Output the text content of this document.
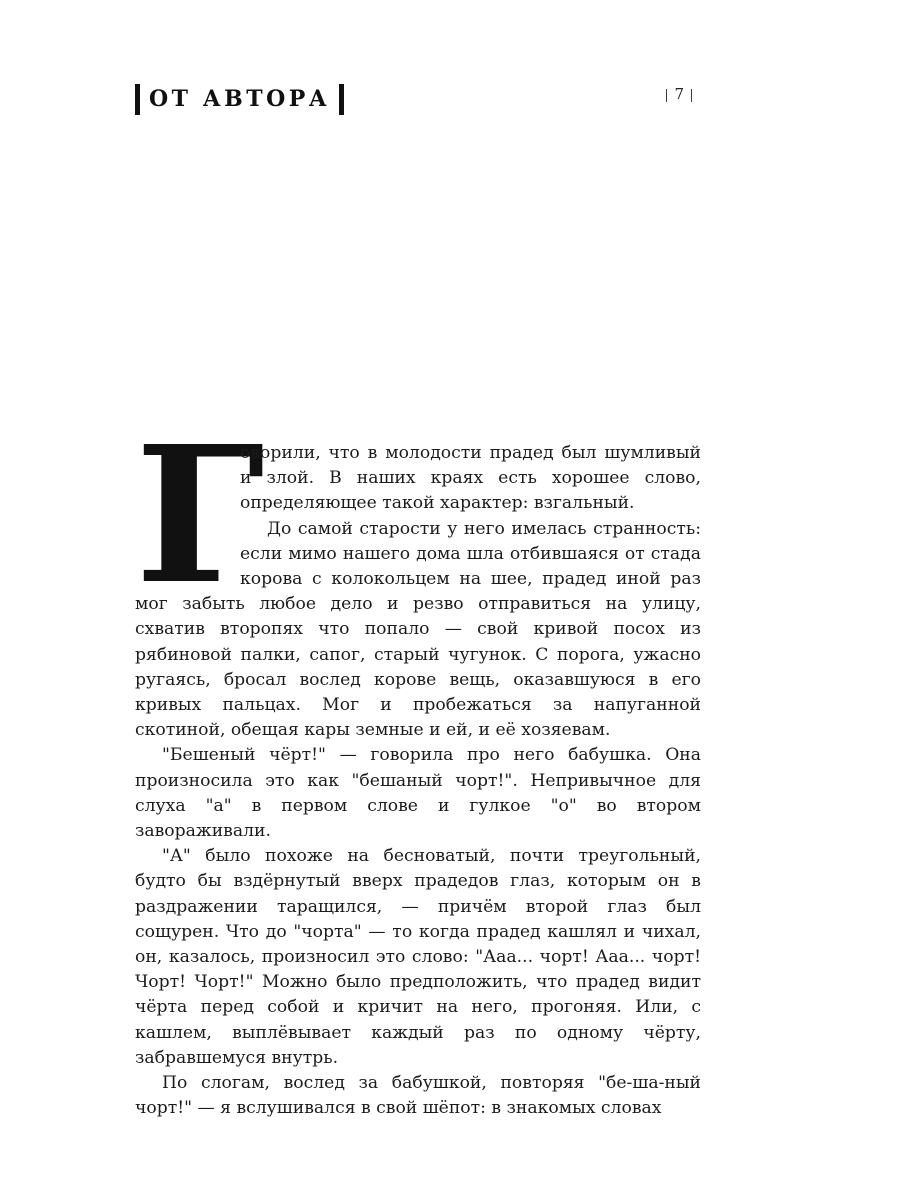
ОТ АВТОРА	7
Г

оворили, что в молодости прадед был шумливый и злой. В наших краях есть хорошее слово, определяющее такой характер: взгальный.

До самой старости у него имелась странность: если мимо нашего дома шла отбившаяся от стада корова с колокольцем на шее, прадед иной раз мог забыть любое дело и резво отправиться на улицу, схватив второпях что попало — свой кривой посох из рябиновой палки, сапог, старый чугунок. С порога, ужасно ругаясь, бросал вослед корове вещь, оказавшуюся в его кривых пальцах. Мог и пробежаться за напуганной скотиной, обещая кары земные и ей, и её хозяевам.

"Бешеный чёрт!" — говорила про него бабушка. Она произносила это как "бешаный чорт!". Непривычное для слуха "а" в первом слове и гулкое "о" во втором завораживали.

"А" было похоже на бесноватый, почти треугольный, будто бы вздёрнутый вверх прадедов глаз, которым он в раздражении таращился, — причём второй глаз был сощурен. Что до "чорта" — то когда прадед кашлял и чихал, он, казалось, произносил это слово: "Ааа... чорт! Ааа... чорт! Чорт! Чорт!" Можно было предположить, что прадед видит чёрта перед собой и кричит на него, прогоняя. Или, с кашлем, выплёвывает каждый раз по одному чёрту, забравшемуся внутрь.

По слогам, вослед за бабушкой, повторяя "бе-ша-ный чорт!" — я вслушивался в свой шёпот: в знакомых словах
